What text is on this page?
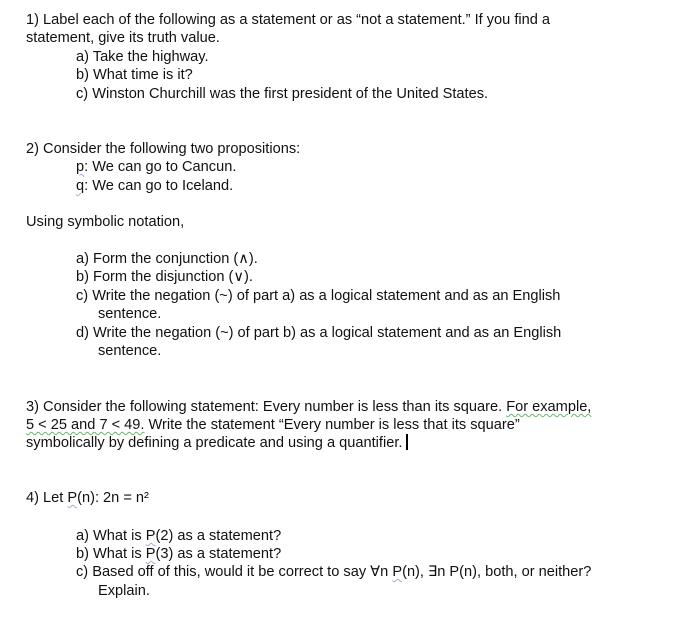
1) Label each of the following as a statement or as “not a statement.” If you find a
statement, give its truth value.
a) Take the highway.
b) What time is it?
c) Winston Churchill was the first president of the United States.
2) Consider the following two propositions:
p: We can go to Cancun.
q: We can go to Iceland.
Using symbolic notation,
a) Form the conjunction (∧).
b) Form the disjunction (∨).
c) Write the negation (~) of part a) as a logical statement and as an English
sentence.
d) Write the negation (~) of part b) as a logical statement and as an English
sentence.
3) Consider the following statement: Every number is less than its square. For example,
5 < 25 and 7 < 49. Write the statement “Every number is less that its square”
symbolically by defining a predicate and using a quantifier.
4) Let P(n): 2n = n²
a) What is P(2) as a statement?
b) What is P(3) as a statement?
c) Based off of this, would it be correct to say ∀n P(n), ∃n P(n), both, or neither?
Explain.
